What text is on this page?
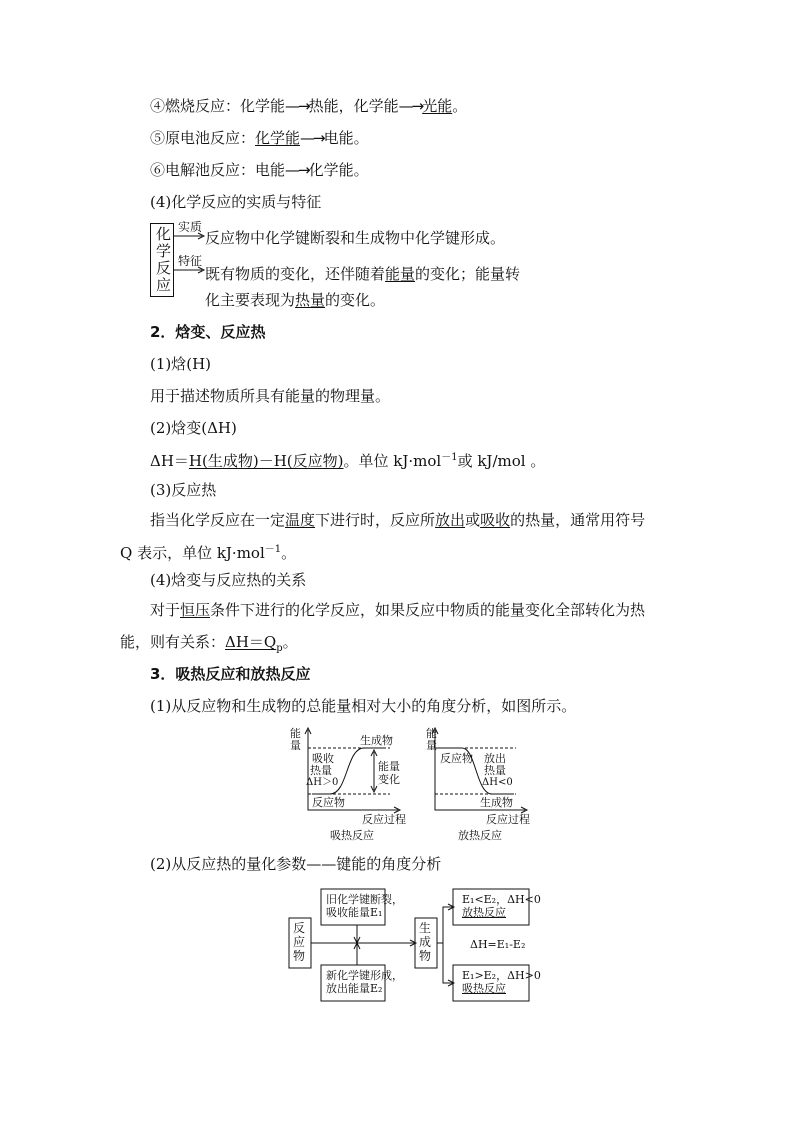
④燃烧反应：化学能—→热能，化学能—→光能。
⑤原电池反应：化学能—→电能。
⑥电解池反应：电能—→化学能。
(4)化学反应的实质与特征
化
学
反
应
实质
反应物中化学键断裂和生成物中化学键形成。
特征
既有物质的变化，还伴随着能量的变化；能量转
化主要表现为热量的变化。
2．焓变、反应热
(1)焓(H)
用于描述物质所具有能量的物理量。
(2)焓变(ΔH)
ΔH＝H(生成物)－H(反应物)。单位 kJ·mol$^{-1}$或 kJ/mol 。
(3)反应热
指当化学反应在一定温度下进行时，反应所放出或吸收的热量，通常用符号
Q 表示，单位 kJ·mol$^{-1}$。
(4)焓变与反应热的关系
对于恒压条件下进行的化学反应，如果反应中物质的能量变化全部转化为热
能，则有关系：$\Delta H=Q_p$。
3．吸热反应和放热反应
(1)从反应物和生成物的总能量相对大小的角度分析，如图所示。
能量	生成物
吸收
热量
ΔH＞0
能量
变化
反应物
反应过程
吸热反应
能量
反应物 放出
热量
ΔH<0
生成物
反应过程
放热反应
(2)从反应热的量化参数——键能的角度分析
反应物
旧化学键断裂，
吸收能量E₁
新化学键形成，
放出能量E₂
生成物
E₁<E₂，ΔH<0
放热反应
ΔH=E₁-E₂
E₁>E₂，ΔH>0
吸热反应
